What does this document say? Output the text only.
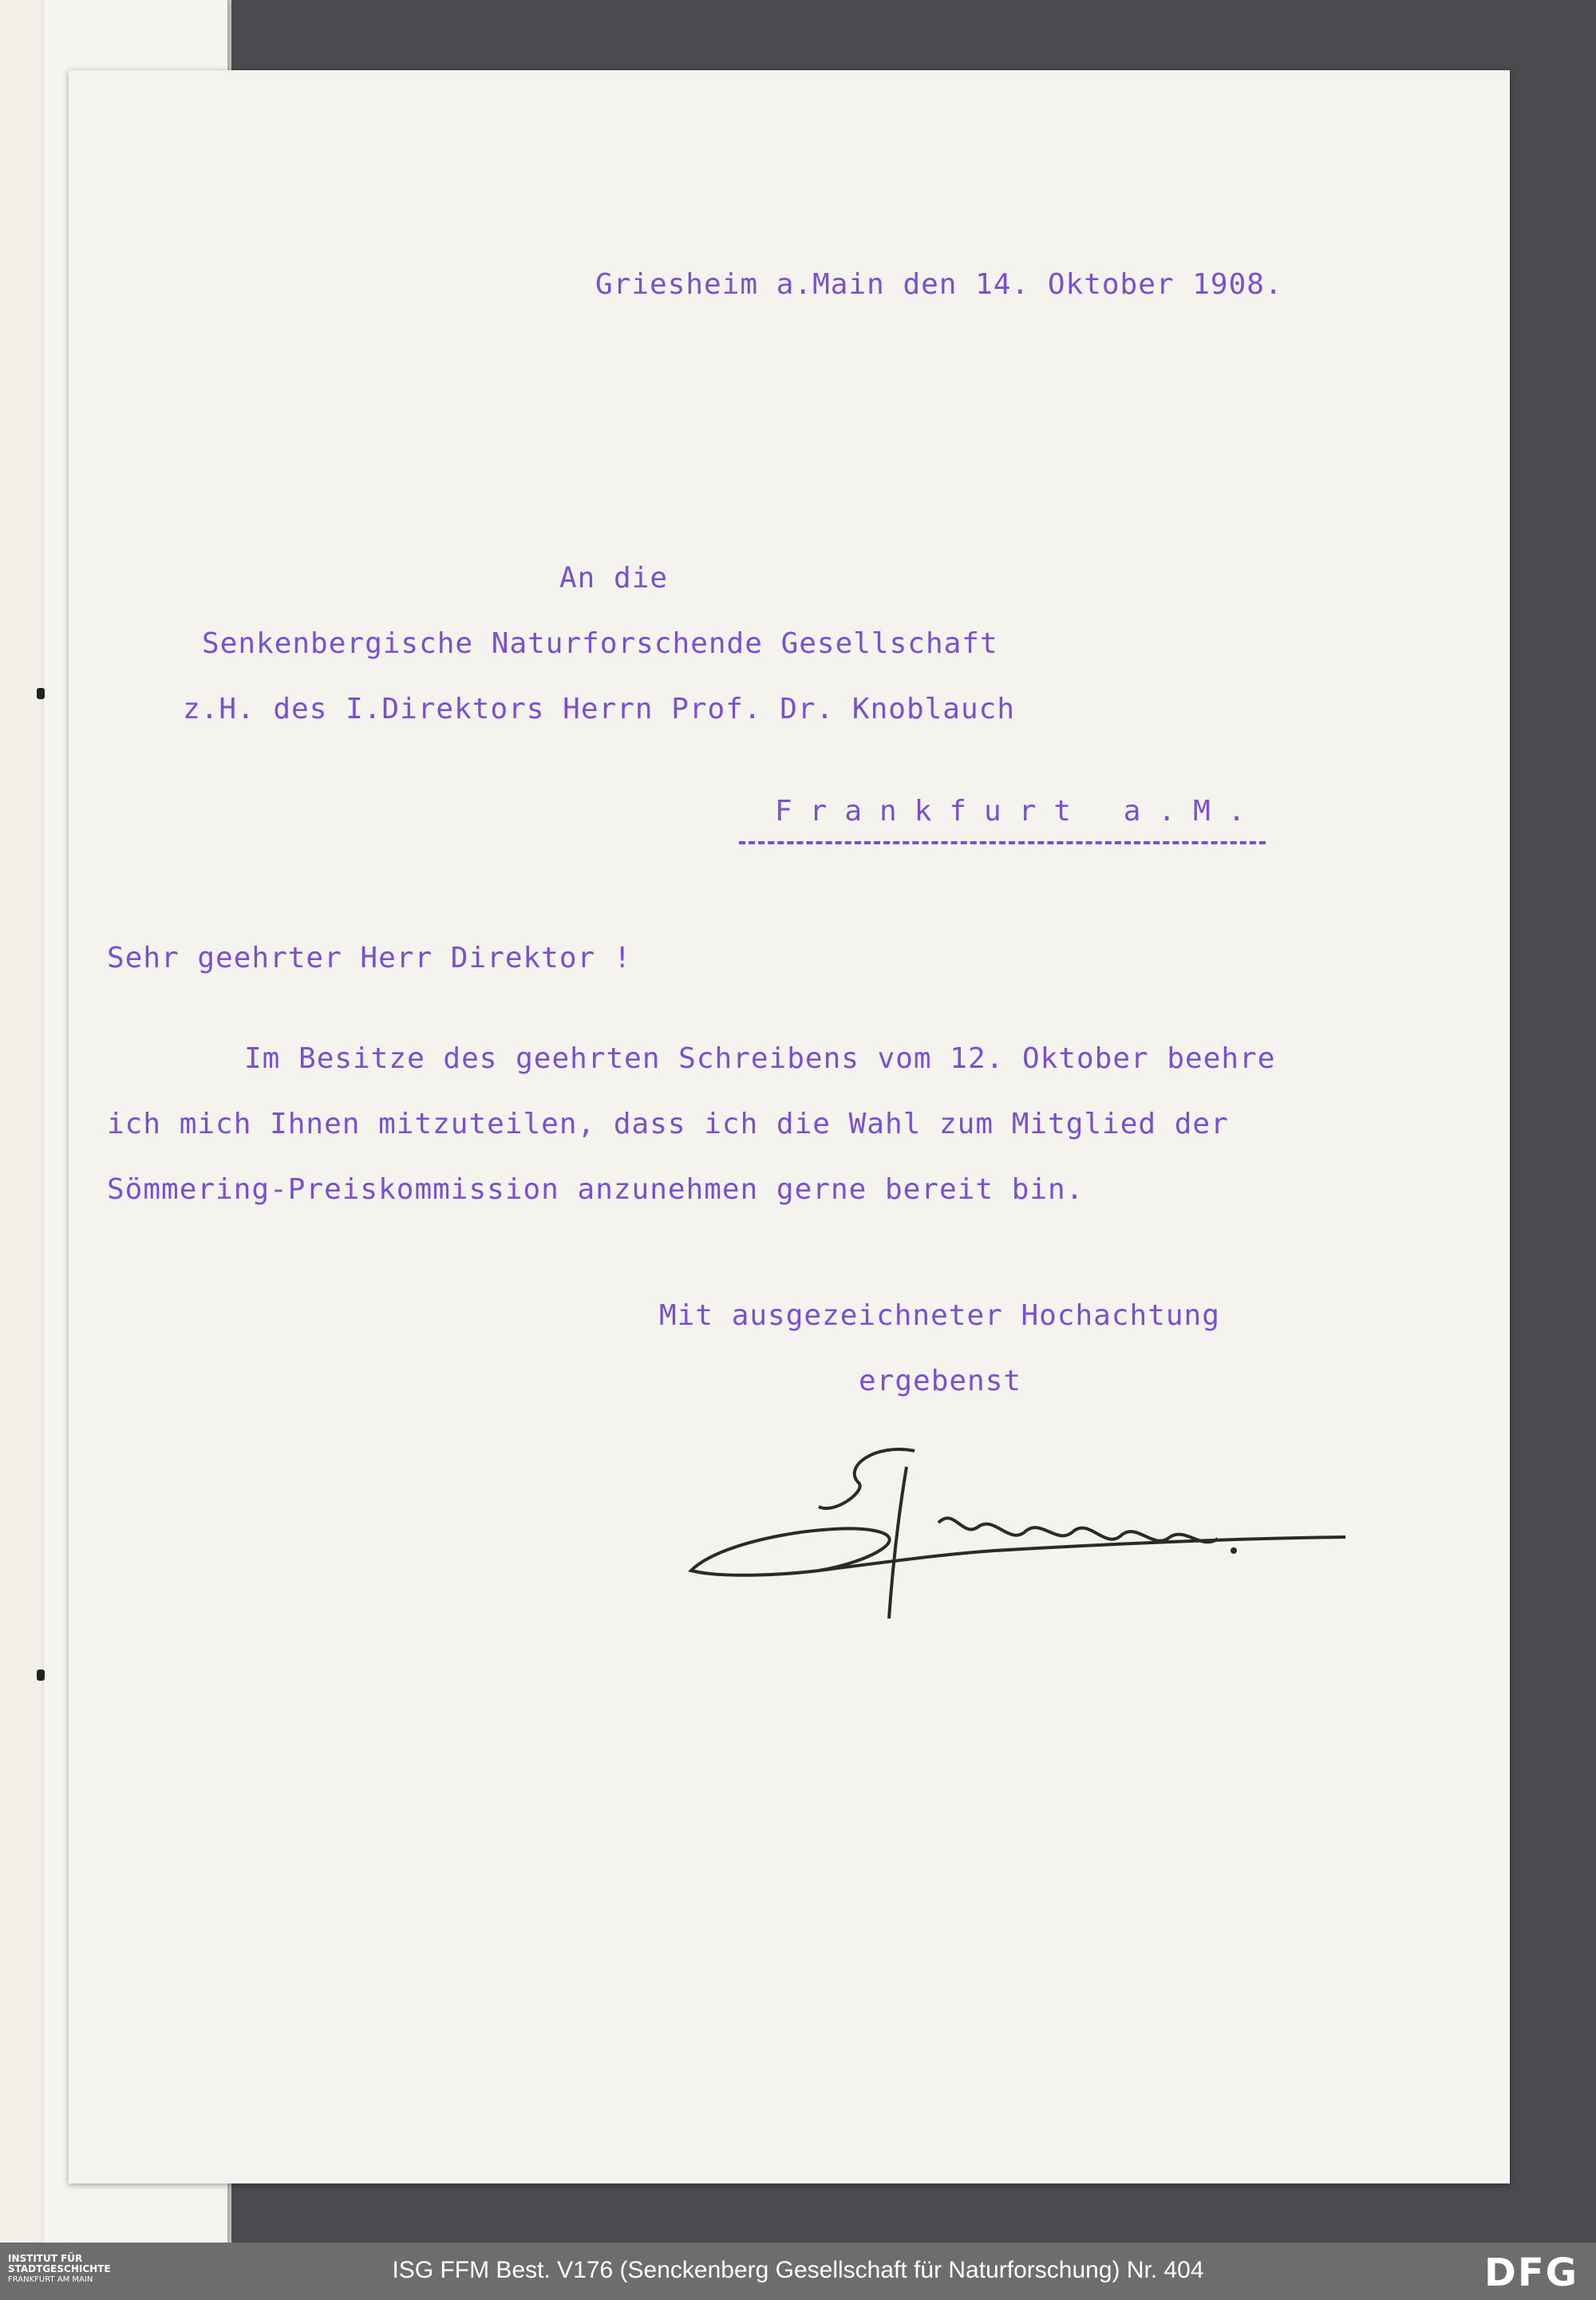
Griesheim a.Main den 14. Oktober 1908.

An die

Senkenbergische Naturforschende Gesellschaft

z.H. des I.Direktors Herrn Prof. Dr. Knoblauch

Frankfurt a.M.

Sehr geehrter Herr Direktor !

Im Besitze des geehrten Schreibens vom 12. Oktober beehre

ich mich Ihnen mitzuteilen, dass ich die Wahl zum Mitglied der

Sömmering-Preiskommission anzunehmen gerne bereit bin.

Mit ausgezeichneter Hochachtung

ergebenst

INSTITUT FÜR
STADTGESCHICHTE
FRANKFURT AM MAIN	ISG FFM Best. V176 (Senckenberg Gesellschaft für Naturforschung) Nr. 404	DFG
